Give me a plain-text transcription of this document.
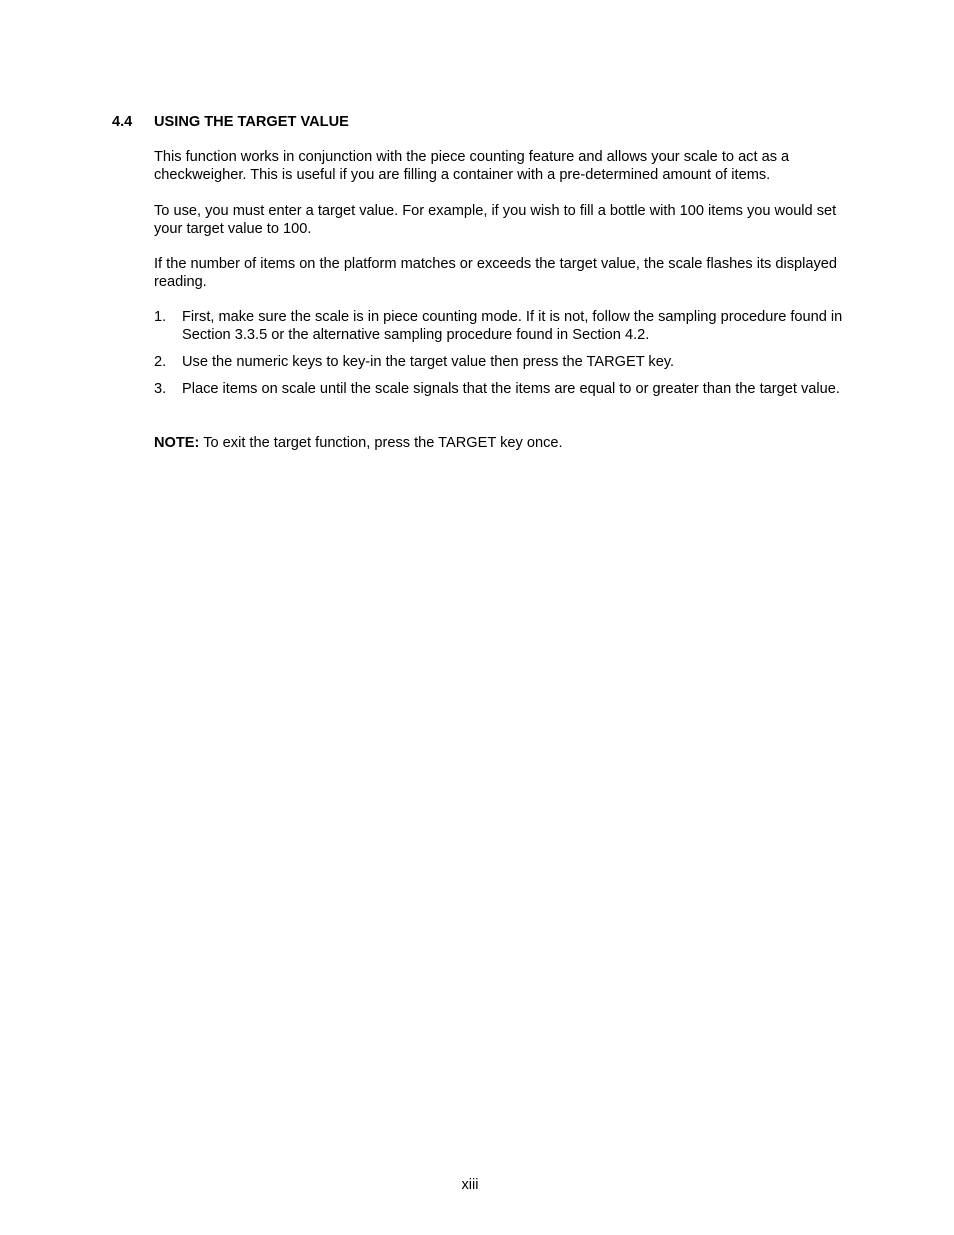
4.4	USING THE TARGET VALUE

This function works in conjunction with the piece counting feature and allows your scale to act as a checkweigher. This is useful if you are filling a container with a pre-determined amount of items.

To use, you must enter a target value. For example, if you wish to fill a bottle with 100 items you would set your target value to 100.

If the number of items on the platform matches or exceeds the target value, the scale flashes its displayed reading.

1.	First, make sure the scale is in piece counting mode. If it is not, follow the sampling procedure found in Section 3.3.5 or the alternative sampling procedure found in Section 4.2.
2.	Use the numeric keys to key-in the target value then press the TARGET key.
3.	Place items on scale until the scale signals that the items are equal to or greater than the target value.

NOTE: To exit the target function, press the TARGET key once.

xiii
